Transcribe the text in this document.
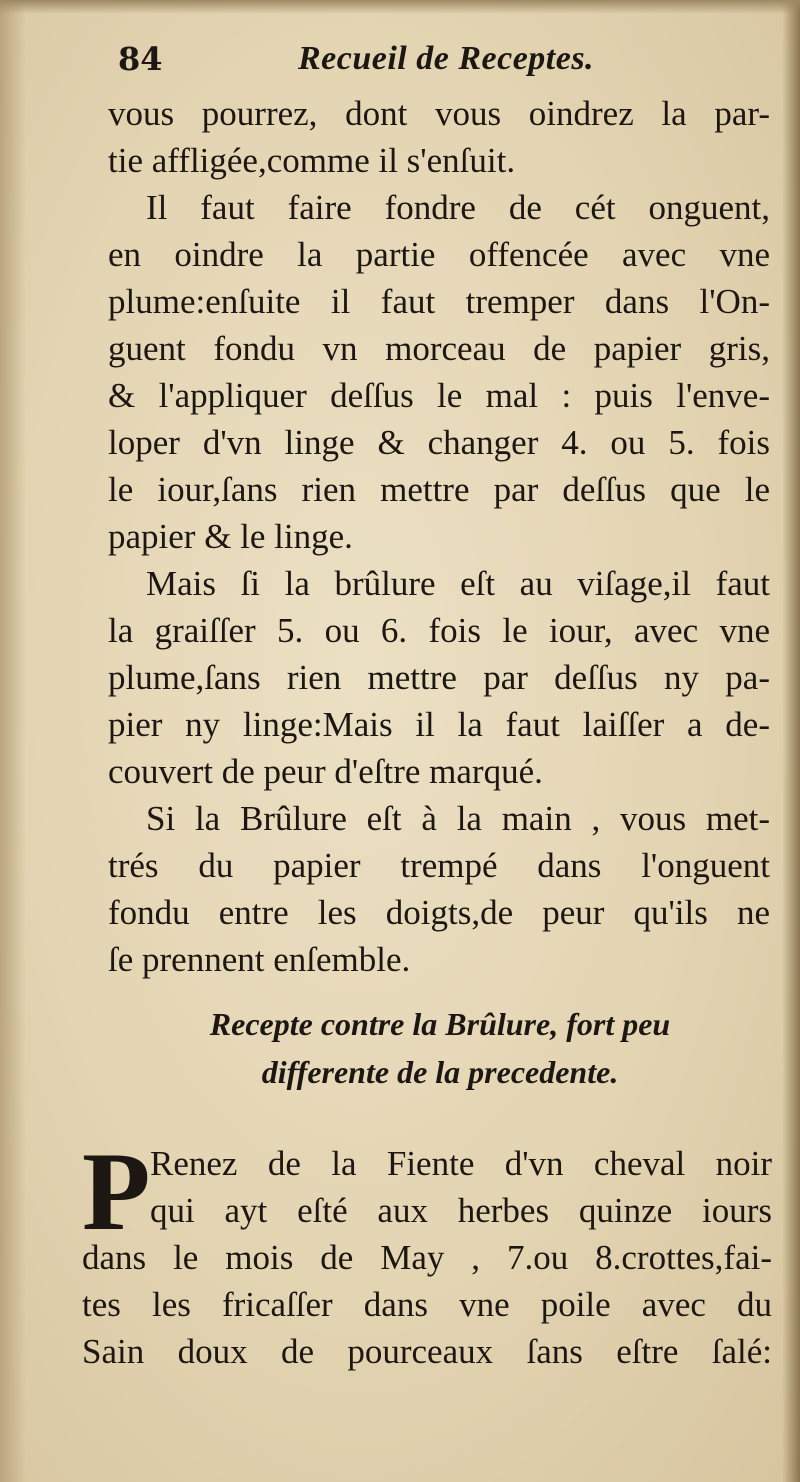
84	Recueil de Receptes.
vous pourrez, dont vous oindrez la par-
tie affligée,comme il s'enſuit.
Il faut faire fondre de cét onguent,
en oindre la partie offencée avec vne
plume:enſuite il faut tremper dans l'On-
guent fondu vn morceau de papier gris,
& l'appliquer deſſus le mal : puis l'enve-
loper d'vn linge & changer 4. ou 5. fois
le iour,ſans rien mettre par deſſus que le
papier & le linge.
Mais ſi la brûlure eſt au viſage,il faut
la graiſſer 5. ou 6. fois le iour, avec vne
plume,ſans rien mettre par deſſus ny pa-
pier ny linge:Mais il la faut laiſſer a de-
couvert de peur d'eſtre marqué.
Si la Brûlure eſt à la main , vous met-
trés du papier trempé dans l'onguent
fondu entre les doigts,de peur qu'ils ne
ſe prennent enſemble.
Recepte contre la Brûlure, fort peu
differente de la precedente.
P Renez de la Fiente d'vn cheval noir
qui ayt eſté aux herbes quinze iours
dans le mois de May , 7.ou 8.crottes,fai-
tes les fricaſſer dans vne poile avec du
Sain doux de pourceaux ſans eſtre ſalé:
